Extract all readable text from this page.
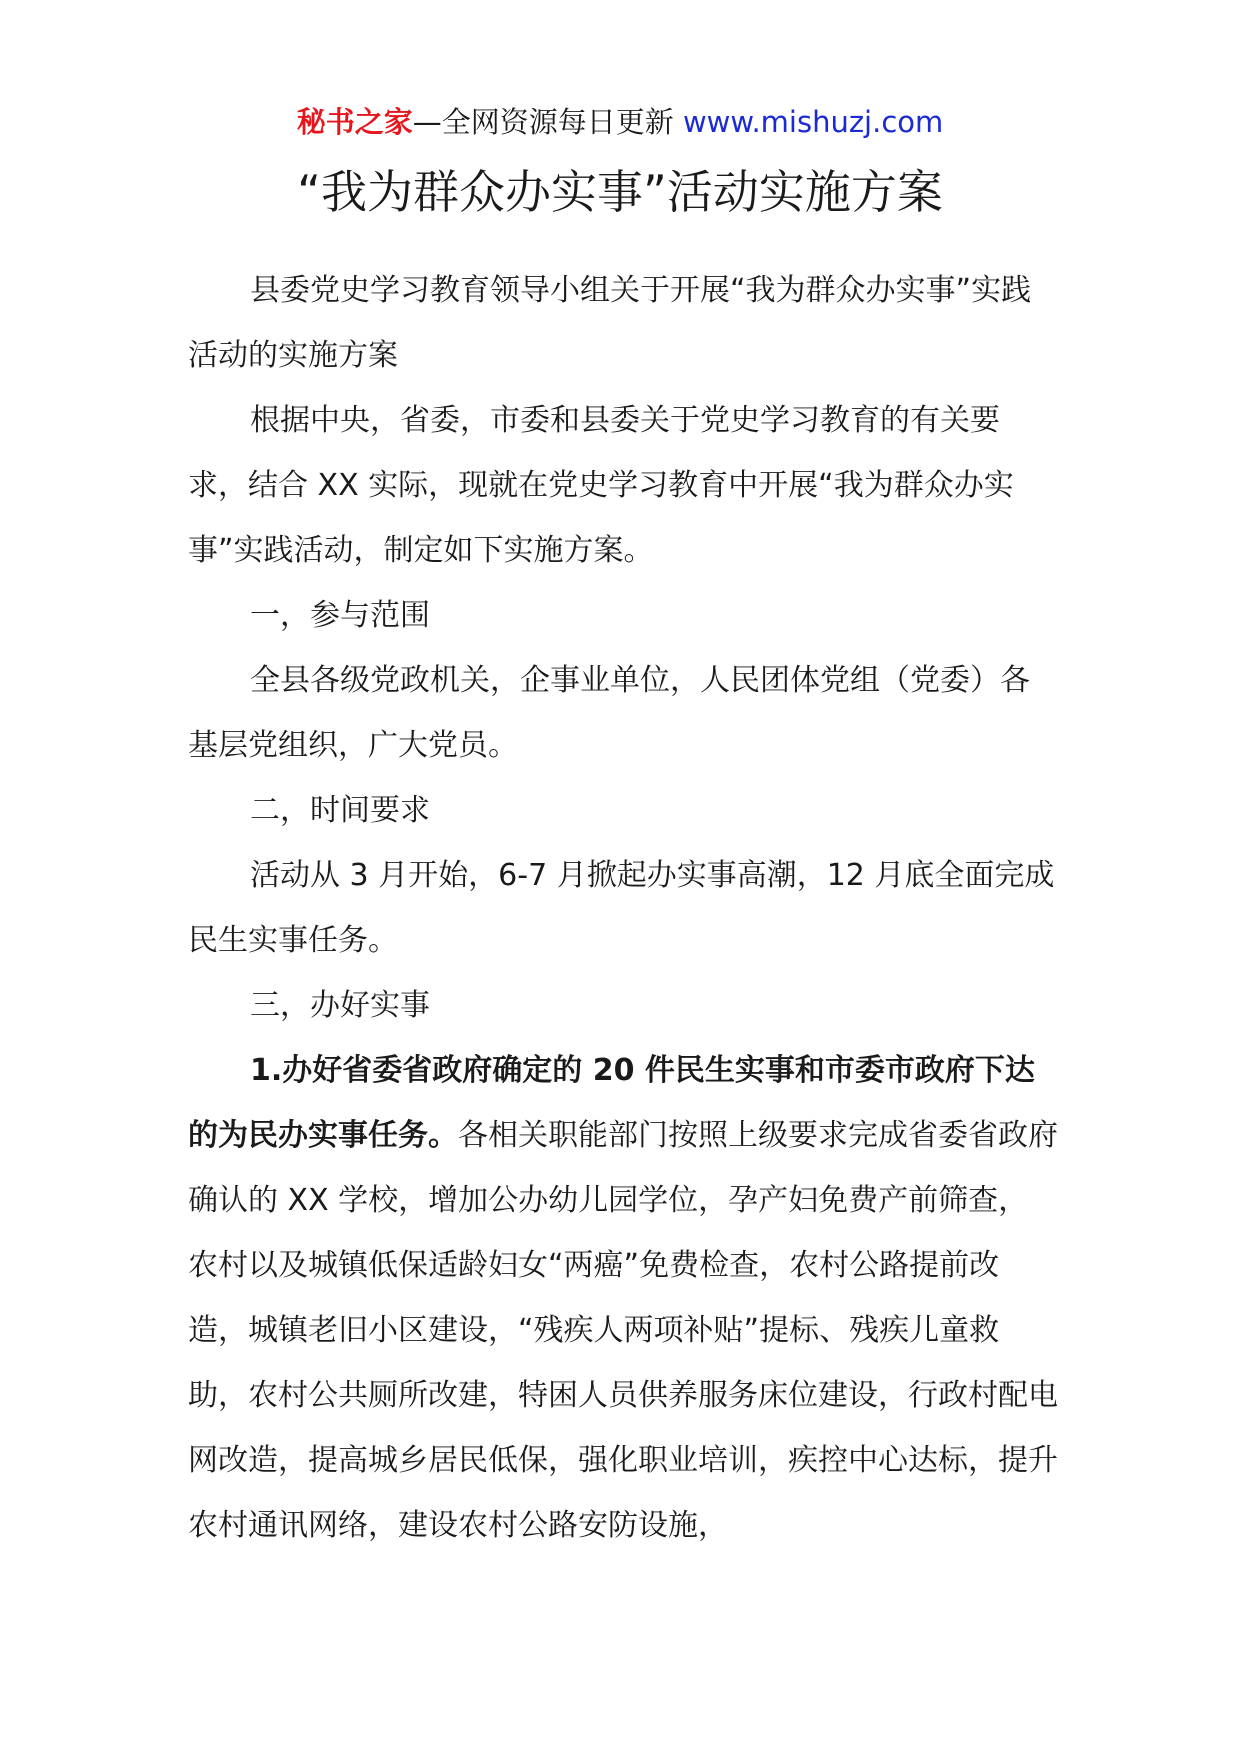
秘书之家—全网资源每日更新 www.mishuzj.com
“我为群众办实事”活动实施方案

县委党史学习教育领导小组关于开展“我为群众办实事”实践活动的实施方案

根据中央，省委，市委和县委关于党史学习教育的有关要求，结合 XX 实际，现就在党史学习教育中开展“我为群众办实事”实践活动，制定如下实施方案。

一，参与范围

全县各级党政机关，企事业单位，人民团体党组（党委）各基层党组织，广大党员。

二，时间要求

活动从 3 月开始，6-7 月掀起办实事高潮，12 月底全面完成民生实事任务。

三，办好实事

1.办好省委省政府确定的 20 件民生实事和市委市政府下达的为民办实事任务。各相关职能部门按照上级要求完成省委省政府确认的 XX 学校，增加公办幼儿园学位，孕产妇免费产前筛查，农村以及城镇低保适龄妇女“两癌”免费检查，农村公路提前改造，城镇老旧小区建设，“残疾人两项补贴”提标、残疾儿童救助，农村公共厕所改建，特困人员供养服务床位建设，行政村配电网改造，提高城乡居民低保，强化职业培训，疾控中心达标，提升农村通讯网络，建设农村公路安防设施，
